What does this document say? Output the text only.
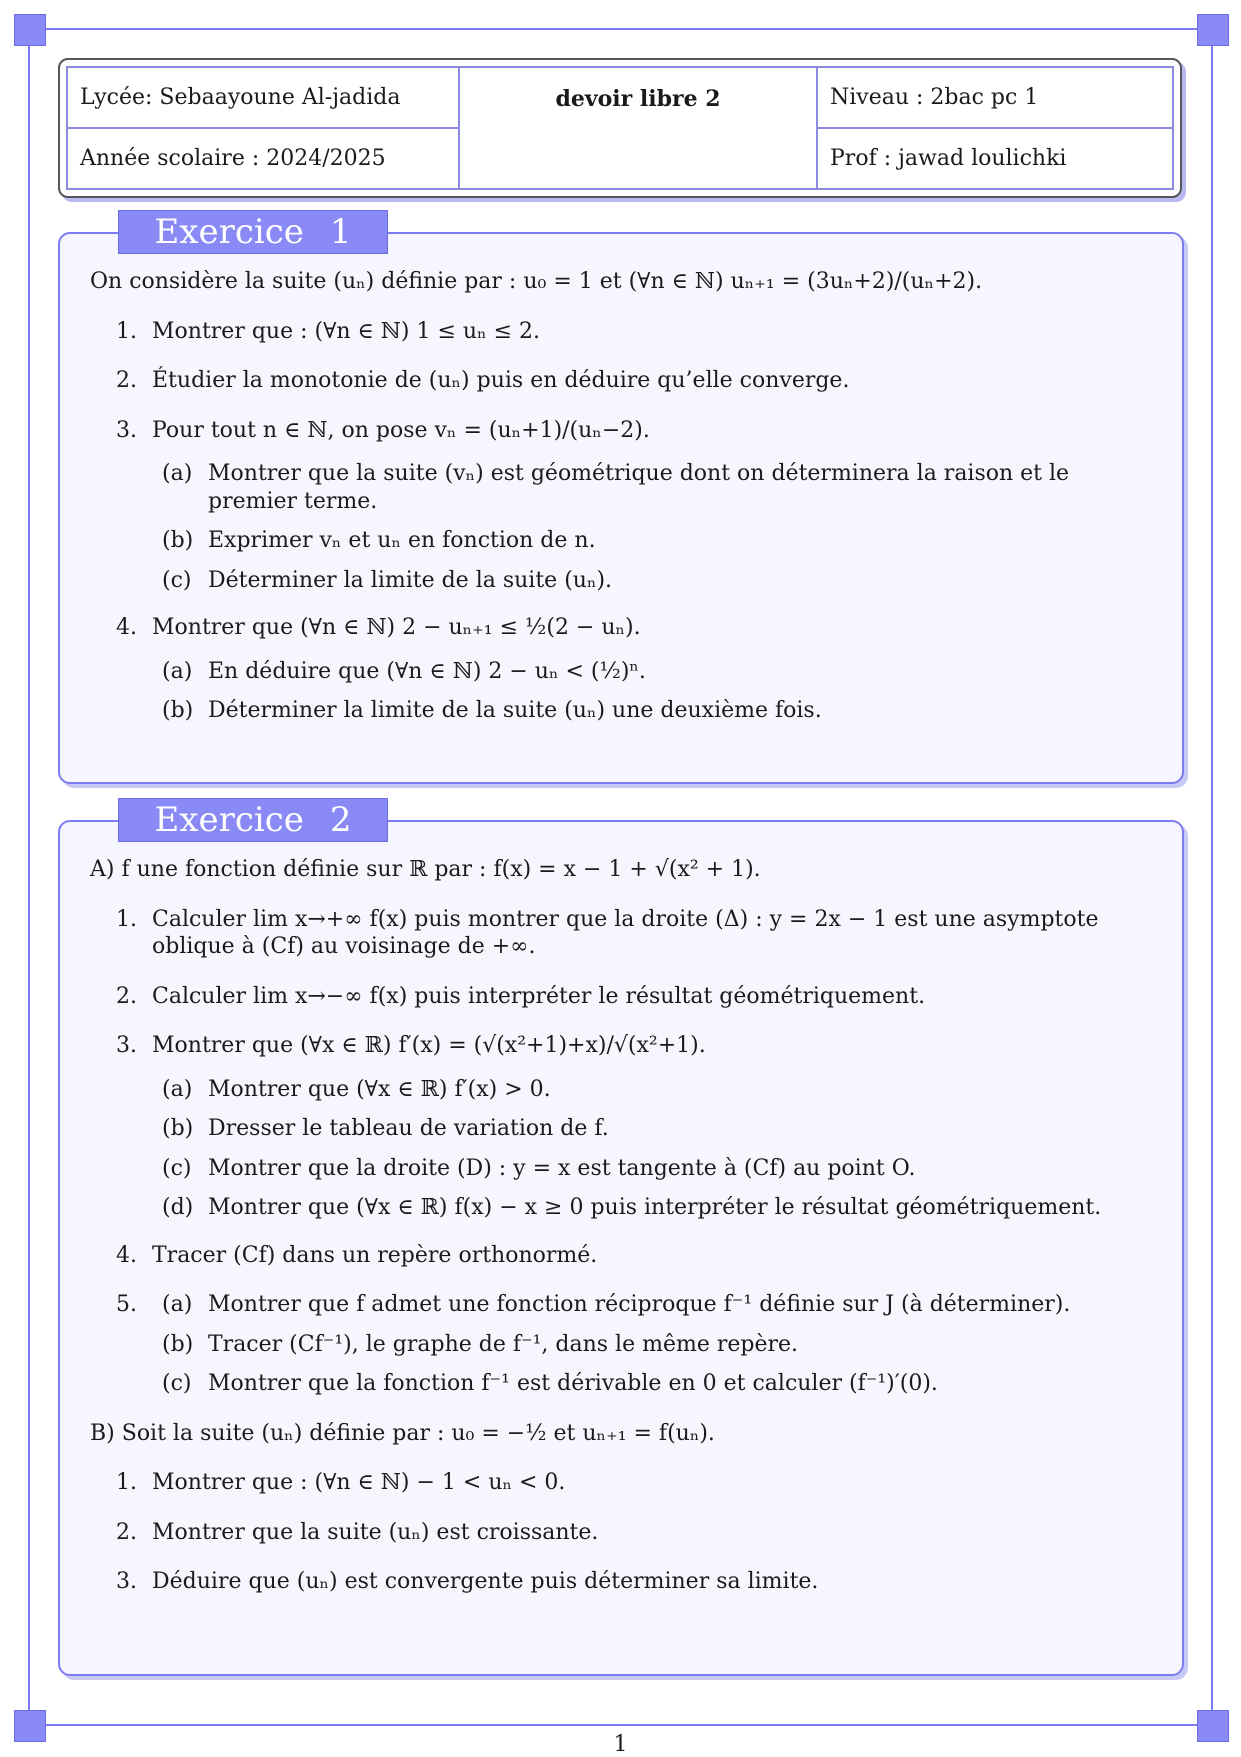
Lycée: Sebaayoune Al-jadida	devoir libre 2	Niveau : 2bac pc 1
Année scolaire : 2024/2025	Prof : jawad loulichki
Exercice 1

On considère la suite (uₙ) définie par : u₀ = 1 et (∀n ∈ ℕ) uₙ₊₁ = (3uₙ+2)/(uₙ+2).

1. Montrer que : (∀n ∈ ℕ) 1 ≤ uₙ ≤ 2.
2. Étudier la monotonie de (uₙ) puis en déduire qu’elle converge.
3. Pour tout n ∈ ℕ, on pose vₙ = (uₙ+1)/(uₙ−2).
(a) Montrer que la suite (vₙ) est géométrique dont on déterminera la raison et le premier terme.
(b) Exprimer vₙ et uₙ en fonction de n.
(c) Déterminer la limite de la suite (uₙ).
4. Montrer que (∀n ∈ ℕ) 2 − uₙ₊₁ ≤ ½(2 − uₙ).
(a) En déduire que (∀n ∈ ℕ) 2 − uₙ < (½)ⁿ.
(b) Déterminer la limite de la suite (uₙ) une deuxième fois.
Exercice 2

A) f une fonction définie sur ℝ par : f(x) = x − 1 + √(x² + 1).

1. Calculer lim x→+∞ f(x) puis montrer que la droite (Δ) : y = 2x − 1 est une asymptote oblique à (Cf) au voisinage de +∞.
2. Calculer lim x→−∞ f(x) puis interpréter le résultat géométriquement.
3. Montrer que (∀x ∈ ℝ) f′(x) = (√(x²+1)+x)/√(x²+1).
(a) Montrer que (∀x ∈ ℝ) f′(x) > 0.
(b) Dresser le tableau de variation de f.
(c) Montrer que la droite (D) : y = x est tangente à (Cf) au point O.
(d) Montrer que (∀x ∈ ℝ) f(x) − x ≥ 0 puis interpréter le résultat géométriquement.
4. Tracer (Cf) dans un repère orthonormé.
5. (a) Montrer que f admet une fonction réciproque f⁻¹ définie sur J (à déterminer).
(b) Tracer (Cf⁻¹), le graphe de f⁻¹, dans le même repère.
(c) Montrer que la fonction f⁻¹ est dérivable en 0 et calculer (f⁻¹)′(0).

B) Soit la suite (uₙ) définie par : u₀ = −½ et uₙ₊₁ = f(uₙ).

1. Montrer que : (∀n ∈ ℕ) − 1 < uₙ < 0.
2. Montrer que la suite (uₙ) est croissante.
3. Déduire que (uₙ) est convergente puis déterminer sa limite.
1
